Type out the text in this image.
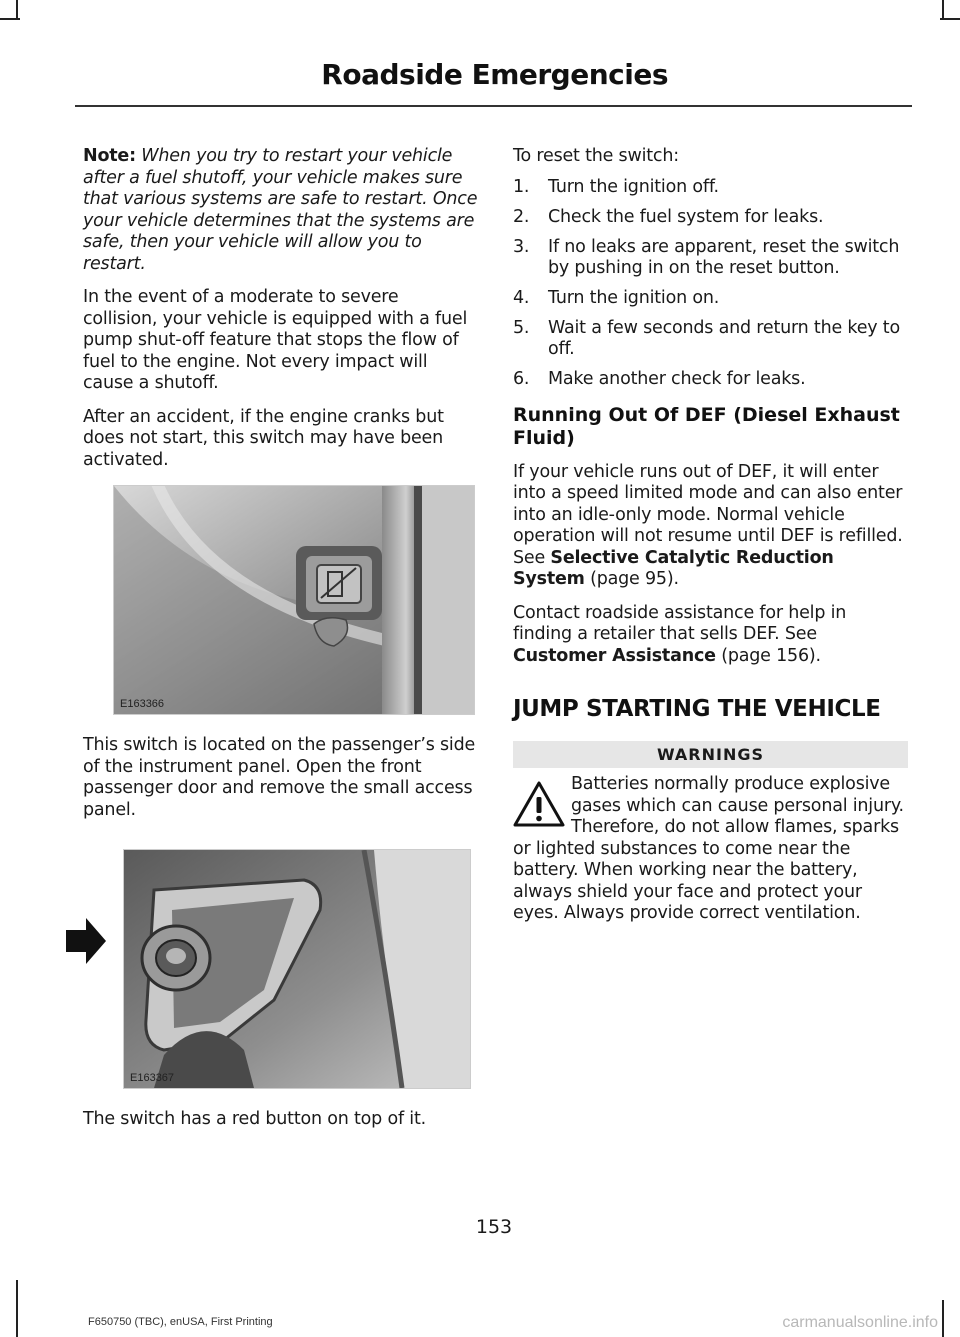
Roadside Emergencies

Note: When you try to restart your vehicle after a fuel shutoff, your vehicle makes sure that various systems are safe to restart. Once your vehicle determines that the systems are safe, then your vehicle will allow you to restart.

In the event of a moderate to severe collision, your vehicle is equipped with a fuel pump shut-off feature that stops the flow of fuel to the engine. Not every impact will cause a shutoff.

After an accident, if the engine cranks but does not start, this switch may have been activated.

E163366

This switch is located on the passenger’s side of the instrument panel. Open the front passenger door and remove the small access panel.

E163367

The switch has a red button on top of it.

To reset the switch:

1. Turn the ignition off.
2. Check the fuel system for leaks.
3. If no leaks are apparent, reset the switch by pushing in on the reset button.
4. Turn the ignition on.
5. Wait a few seconds and return the key to off.
6. Make another check for leaks.
Running Out Of DEF (Diesel Exhaust Fluid)

If your vehicle runs out of DEF, it will enter into a speed limited mode and can also enter into an idle-only mode. Normal vehicle operation will not resume until DEF is refilled. See Selective Catalytic Reduction System (page 95).

Contact roadside assistance for help in finding a retailer that sells DEF. See Customer Assistance (page 156).

JUMP STARTING THE VEHICLE
WARNINGS
Batteries normally produce explosive gases which can cause personal injury. Therefore, do not allow flames, sparks or lighted substances to come near the battery. When working near the battery, always shield your face and protect your eyes. Always provide correct ventilation.
153
F650750 (TBC), enUSA, First Printing	carmanualsonline.info
